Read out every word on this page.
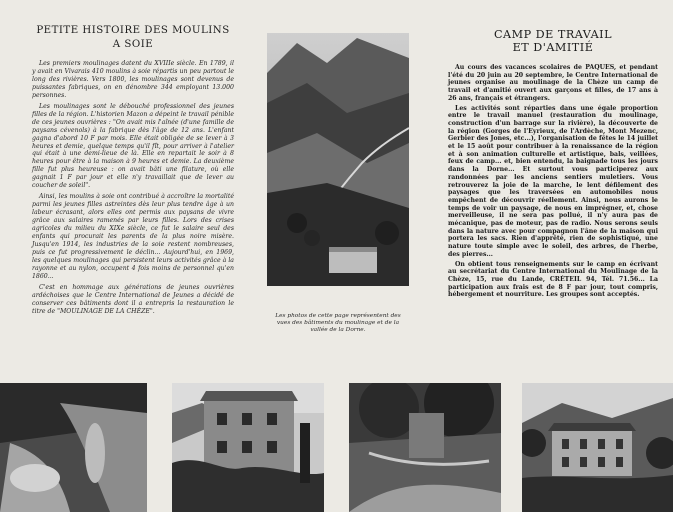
PETITE HISTOIRE DES MOULINS
A SOIE

Les premiers moulinages datent du XVIIIe siècle. En 1789, il y avait en Vivarais 410 moulins à soie répartis un peu partout le long des rivières. Vers 1800, les moulinages sont devenus de puissantes fabriques, on en dénombre 344 employant 13.000 personnes.

Les moulinages sont le débouché professionnel des jeunes filles de la région. L'historien Mazon a dépeint le travail pénible de ces jeunes ouvrières : "On avait mis l'aînée (d'une famille de paysans cévenols) à la fabrique dès l'âge de 12 ans. L'enfant gagna d'abord 10 F par mois. Elle était obligée de se lever à 3 heures et demie, quelque temps qu'il fît, pour arriver à l'atelier qui était à une demi-lieue de là. Elle en repartait le soir à 8 heures pour être à la maison à 9 heures et demie. La deuxième fille fut plus heureuse : on avait bâti une filature, où elle gagnait 1 F par jour et elle n'y travaillait que de lever au coucher de soleil".

Ainsi, les moulins à soie ont contribué à accroître la mortalité parmi les jeunes filles astreintes dès leur plus tendre âge à un labeur écrasant, alors elles ont permis aux paysans de vivre grâce aux salaires ramenés par leurs filles. Lors des crises agricoles du milieu du XIXe siècle, ce fut le salaire seul des enfants qui procurait les parents de la plus noire misère. Jusqu'en 1914, les industries de la soie restent nombreuses, puis ce fut progressivement le déclin... Aujourd'hui, en 1969, les quelques moulinages qui persistent leurs activités grâce à la rayonne et au nylon, occupent 4 fois moins de personnel qu'en 1860...

C'est en hommage aux générations de jeunes ouvrières ardéchoises que le Centre International de Jeunes a décidé de conserver ces bâtiments dont il a entrepris la restauration le titre de "MOULINAGE DE LA CHÈZE".

Les photos de cette page représentent des vues des bâtiments du moulinage et de la vallée de la Dorne.
CAMP DE TRAVAIL
ET D'AMITIÉ

Au cours des vacances scolaires de PAQUES, et pendant l'été du 20 juin au 20 septembre, le Centre International de jeunes organise au moulinage de la Chèze un camp de travail et d'amitié ouvert aux garçons et filles, de 17 ans à 26 ans, français et étrangers.

Les activités sont réparties dans une égale proportion entre le travail manuel (restauration du moulinage, construction d'un barrage sur la rivière), la découverte de la région (Gorges de l'Eyrieux, de l'Ardèche, Mont Mezenc, Gerbier des Jones, etc...), l'organisation de fêtes le 14 juillet et le 15 août pour contribuer à la renaissance de la région et à son animation culturelle et artistique, bals, veillées, feux de camp... et, bien entendu, la baignade tous les jours dans la Dorne... Et surtout vous participerez aux randonnées par les anciens sentiers muletiers. Vous retrouverez la joie de la marche, le lent défilement des paysages que les traversées en automobiles nous empêchent de découvrir réellement. Ainsi, nous aurons le temps de voir un paysage, de nous en imprégner, et, chose merveilleuse, il ne sera pas pollué, il n'y aura pas de mécanique, pas de moteur, pas de radio. Nous serons seuls dans la nature avec pour compagnon l'âne de la maison qui portera les sacs. Rien d'apprêté, rien de sophistiqué, une nature toute simple avec le soleil, des arbres, de l'herbe, des pierres...

On obtient tous renseignements sur le camp en écrivant au secrétariat du Centre International du Moulinage de la Chèze, 15, rue du Lande, CRÉTEIL 94, Tél. 71.56... La participation aux frais est de 8 F par jour, tout compris, hébergement et nourriture. Les groupes sont acceptés.
